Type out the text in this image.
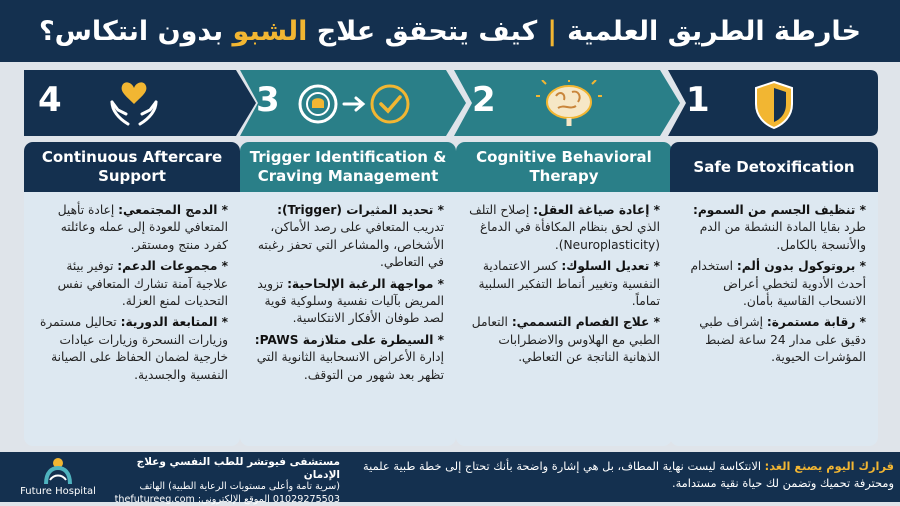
خارطة الطريق العلمية
|
كيف يتحقق علاج الشبو بدون انتكاس؟
4	3	2	1
Continuous Aftercare Support

* الدمج المجتمعي: إعادة تأهيل المتعافي للعودة إلى عمله وعائلته كفرد منتج ومستقر.

* مجموعات الدعم: توفير بيئة علاجية آمنة تشارك المتعافي نفس التحديات لمنع العزلة.

* المتابعة الدورية: تحاليل مستمرة وزيارات النسحرة وزيارات عيادات خارجية لضمان الحفاظ على الصيانة النفسية والجسدية.

Trigger Identification & Craving Management

* تحديد المثيرات (Trigger): تدريب المتعافي على رصد الأماكن، الأشخاص، والمشاعر التي تحفز رغبته في التعاطي.

* مواجهة الرغبة الإلحاحية: تزويد المريض بآليات نفسية وسلوكية قوية لصد طوفان الأفكار الانتكاسية.

* السيطرة على متلازمة PAWS: إدارة الأعراض الانسحابية الثانوية التي تظهر بعد شهور من التوقف.

Cognitive Behavioral Therapy

* إعادة صياغة العقل: إصلاح التلف الذي لحق بنظام المكافأة في الدماغ (Neuroplasticity).

* تعديل السلوك: كسر الاعتمادية النفسية وتغيير أنماط التفكير السلبية تماماً.

* علاج الفصام التسممي: التعامل الطبي مع الهلاوس والاضطرابات الذهانية الناتجة عن التعاطي.

Safe Detoxification

* تنظيف الجسم من السموم: طرد بقايا المادة النشطة من الدم والأنسجة بالكامل.

* بروتوكول بدون ألم: استخدام أحدث الأدوية لتخطي أعراض الانسحاب القاسية بأمان.

* رقابة مستمرة: إشراف طبي دقيق على مدار 24 ساعة لضبط المؤشرات الحيوية.

Future Hospital
مستشفى فيوتشر للطب النفسي وعلاج الإدمان
(سرية تامة وأعلى مستويات الرعاية الطبية) الهاتف
01029275503 الموقع الإلكتروني: thefutureeg.com
قرارك اليوم يصنع الغد: الانتكاسة ليست نهاية المطاف، بل هي إشارة واضحة بأنك تحتاج إلى خطة طبية علمية ومحترفة تحميك وتضمن لك حياة نقية مستدامة.
